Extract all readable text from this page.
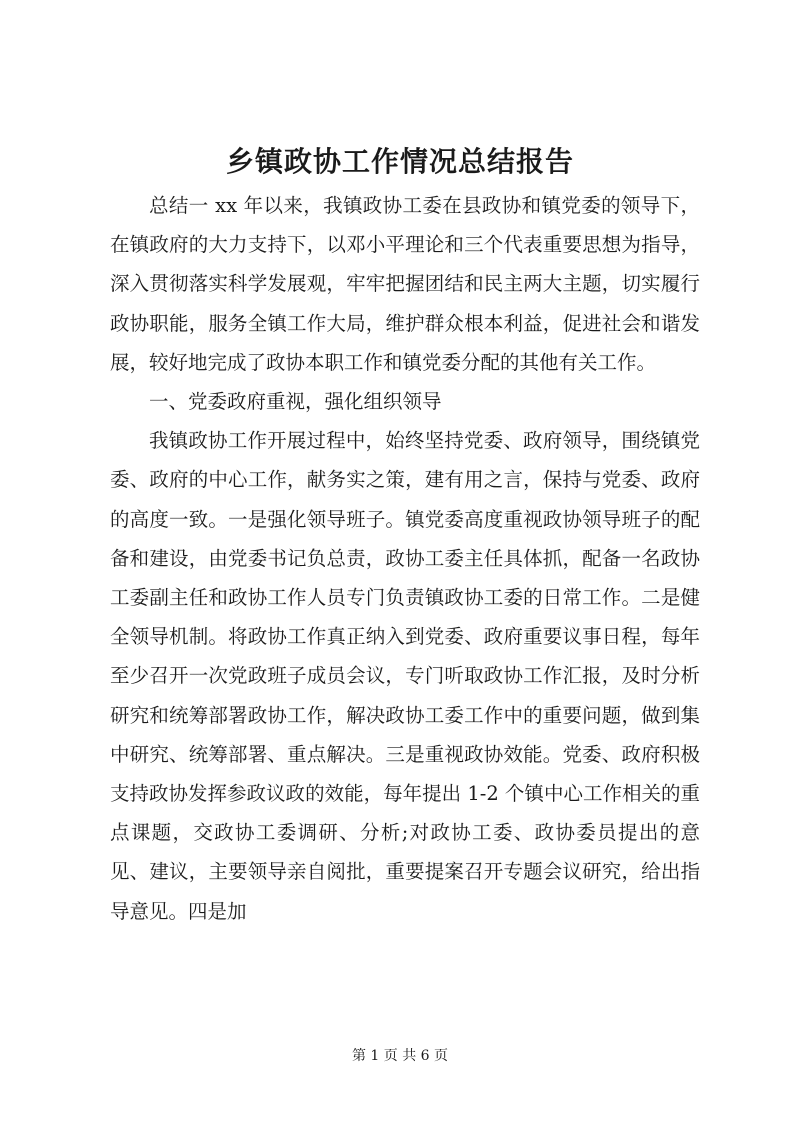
乡镇政协工作情况总结报告

总结一 xx 年以来，我镇政协工委在县政协和镇党委的领导下，在镇政府的大力支持下，以邓小平理论和三个代表重要思想为指导，深入贯彻落实科学发展观，牢牢把握团结和民主两大主题，切实履行政协职能，服务全镇工作大局，维护群众根本利益，促进社会和谐发展，较好地完成了政协本职工作和镇党委分配的其他有关工作。

一、党委政府重视，强化组织领导

我镇政协工作开展过程中，始终坚持党委、政府领导，围绕镇党委、政府的中心工作，献务实之策，建有用之言，保持与党委、政府的高度一致。一是强化领导班子。镇党委高度重视政协领导班子的配备和建设，由党委书记负总责，政协工委主任具体抓，配备一名政协工委副主任和政协工作人员专门负责镇政协工委的日常工作。二是健全领导机制。将政协工作真正纳入到党委、政府重要议事日程，每年至少召开一次党政班子成员会议，专门听取政协工作汇报，及时分析研究和统筹部署政协工作，解决政协工委工作中的重要问题，做到集中研究、统筹部署、重点解决。三是重视政协效能。党委、政府积极支持政协发挥参政议政的效能，每年提出 1-2 个镇中心工作相关的重点课题，交政协工委调研、分析;对政协工委、政协委员提出的意见、建议，主要领导亲自阅批，重要提案召开专题会议研究，给出指导意见。四是加

第 1 页 共 6 页
